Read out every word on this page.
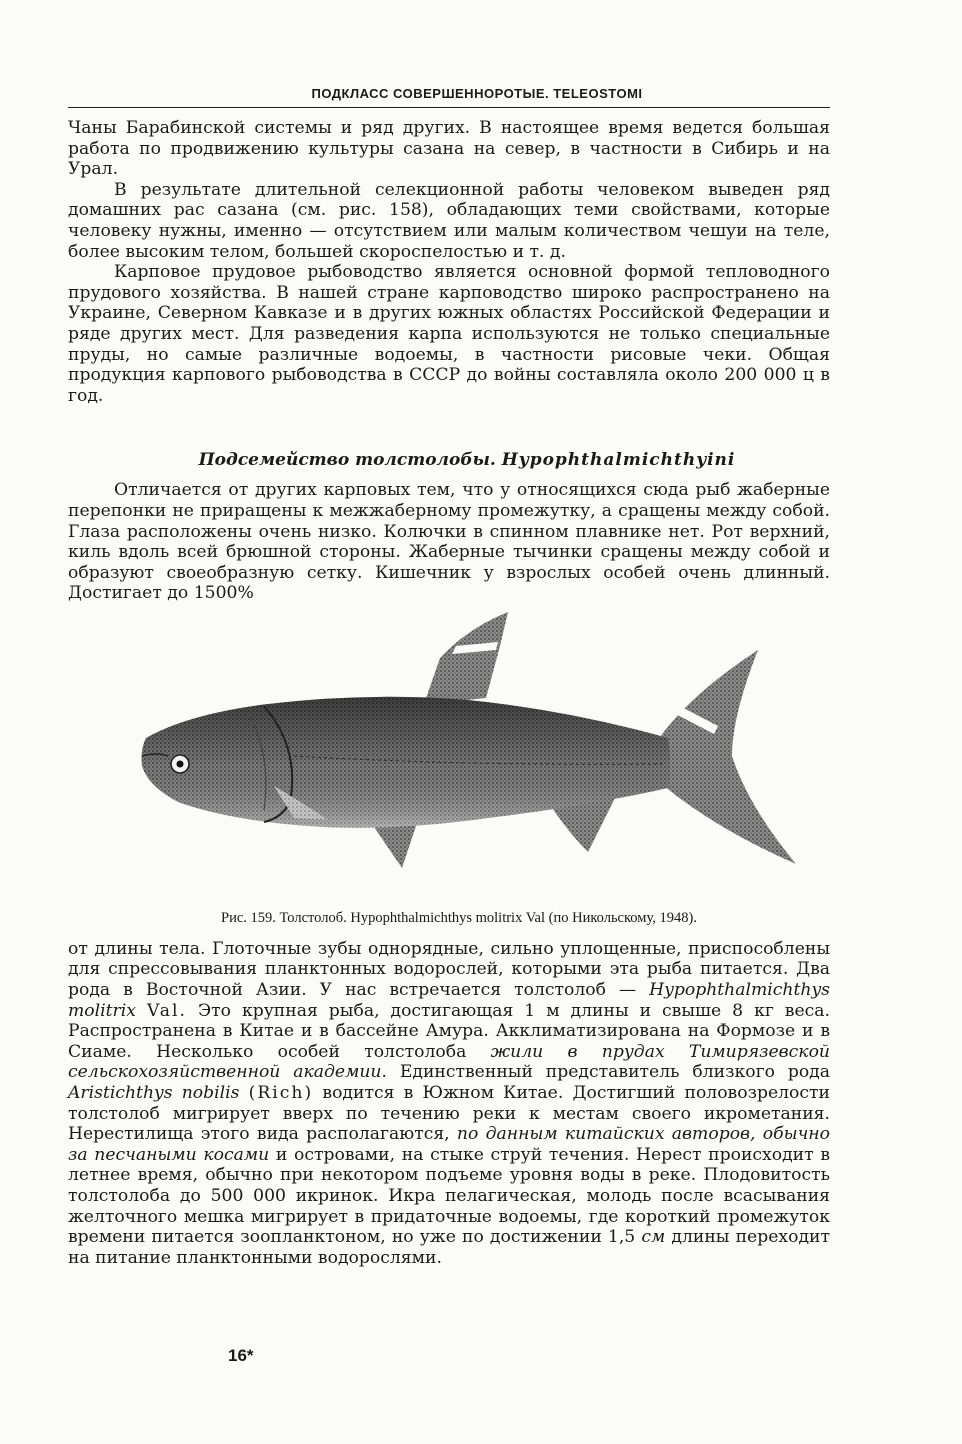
ПОДКЛАСС СОВЕРШЕННОРОТЫЕ. TELEOSTOMI

Чаны Барабинской системы и ряд других. В настоящее время ведется большая работа по продвижению культуры сазана на север, в частности в Сибирь и на Урал.

В результате длительной селекционной работы человеком выведен ряд домашних рас сазана (см. рис. 158), обладающих теми свойствами, которые человеку нужны, именно — отсутствием или малым количеством чешуи на теле, более высоким телом, большей скороспелостью и т. д.

Карповое прудовое рыбоводство является основной формой тепловодного прудового хозяйства. В нашей стране карповодство широко распространено на Украине, Северном Кавказе и в других южных областях Российской Федерации и ряде других мест. Для разведения карпа используются не только специальные пруды, но самые различные водоемы, в частности рисовые чеки. Общая продукция карпового рыбоводства в СССР до войны составляла около 200 000 ц в год.

Подсемейство толстолобы. Hypophthalmichthyini

Отличается от других карповых тем, что у относящихся сюда рыб жаберные перепонки не приращены к межжаберному промежутку, а сращены между собой. Глаза расположены очень низко. Колючки в спинном плавнике нет. Рот верхний, киль вдоль всей брюшной стороны. Жаберные тычинки сращены между собой и образуют своеобразную сетку. Кишечник у взрослых особей очень длинный. Достигает до 1500%

Рис. 159. Толстолоб. Hypophthalmichthys molitrix Val (по Никольскому, 1948).

от длины тела. Глоточные зубы однорядные, сильно уплощенные, приспособлены для спрессовывания планктонных водорослей, которыми эта рыба питается. Два рода в Восточной Азии. У нас встречается толстолоб — Hypophthalmichthys molitrix Val. Это крупная рыба, достигающая 1 м длины и свыше 8 кг веса. Распространена в Китае и в бассейне Амура. Акклиматизирована на Формозе и в Сиаме. Несколько особей толстолоба жили в прудах Тимирязевской сельскохозяйственной академии. Единственный представитель близкого рода Aristichthys nobilis (Rich) водится в Южном Китае. Достигший половозрелости толстолоб мигрирует вверх по течению реки к местам своего икрометания. Нерестилища этого вида располагаются, по данным китайских авторов, обычно за песчаными косами и островами, на стыке струй течения. Нерест происходит в летнее время, обычно при некотором подъеме уровня воды в реке. Плодовитость толстолоба до 500 000 икринок. Икра пелагическая, молодь после всасывания желточного мешка мигрирует в придаточные водоемы, где короткий промежуток времени питается зоопланктоном, но уже по достижении 1,5 см длины переходит на питание планктонными водорослями.

16*
